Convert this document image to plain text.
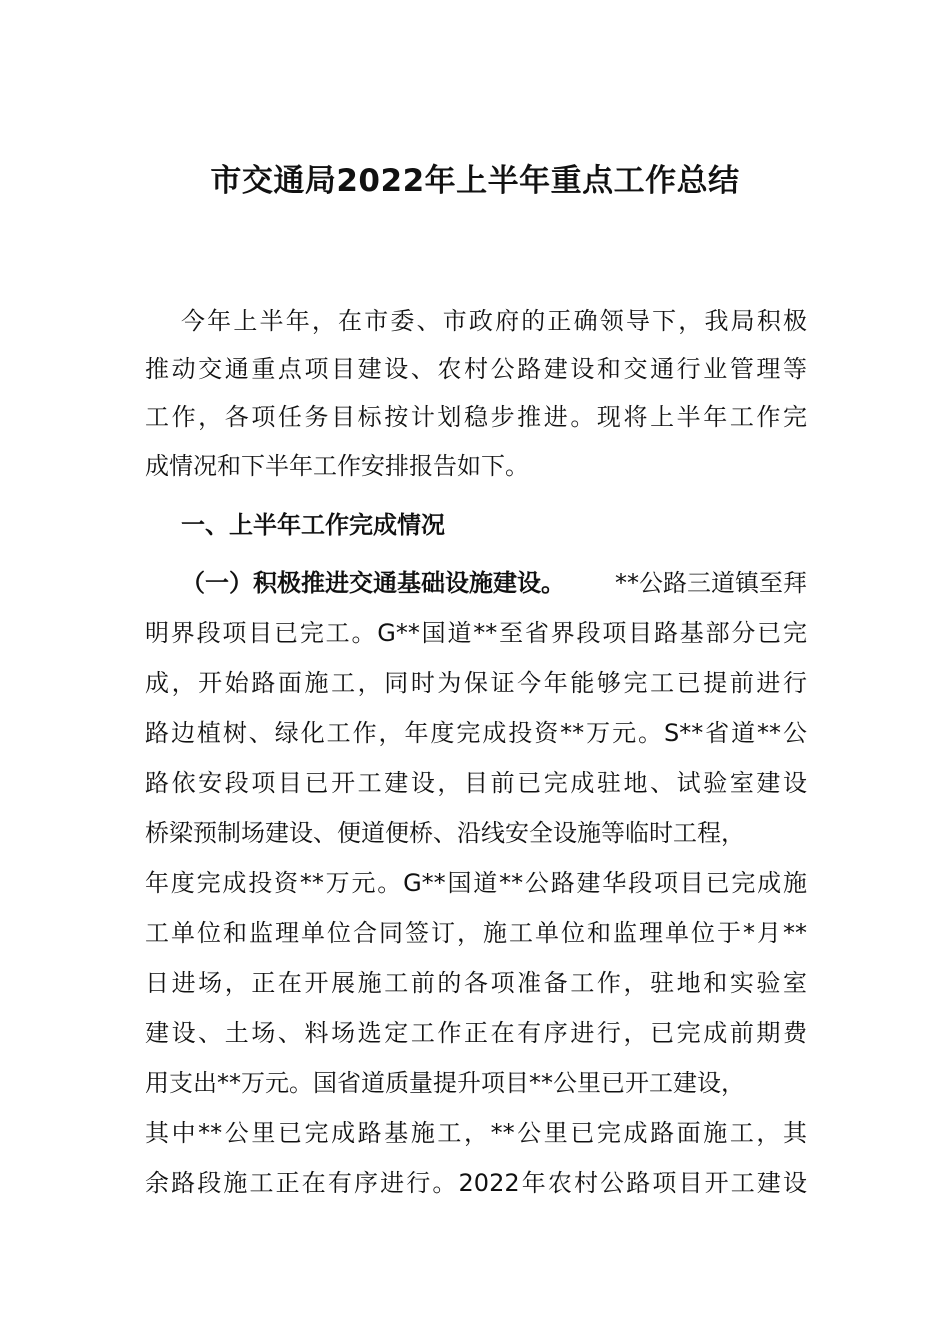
市交通局2022年上半年重点工作总结
今年上半年，在市委、市政府的正确领导下，我局积极
推动交通重点项目建设、农村公路建设和交通行业管理等
工作，各项任务目标按计划稳步推进。现将上半年工作完
成情况和下半年工作安排报告如下。
一、上半年工作完成情况
（一）积极推进交通基础设施建设。 **公路三道镇至拜
明界段项目已完工。G**国道**至省界段项目路基部分已完
成，开始路面施工，同时为保证今年能够完工已提前进行
路边植树、绿化工作，年度完成投资**万元。S**省道**公
路依安段项目已开工建设，目前已完成驻地、试验室建设
桥梁预制场建设、便道便桥、沿线安全设施等临时工程，
年度完成投资**万元。G**国道**公路建华段项目已完成施
工单位和监理单位合同签订，施工单位和监理单位于*月**
日进场，正在开展施工前的各项准备工作，驻地和实验室
建设、土场、料场选定工作正在有序进行，已完成前期费
用支出**万元。国省道质量提升项目**公里已开工建设，
其中**公里已完成路基施工，**公里已完成路面施工，其
余路段施工正在有序进行。2022年农村公路项目开工建设
